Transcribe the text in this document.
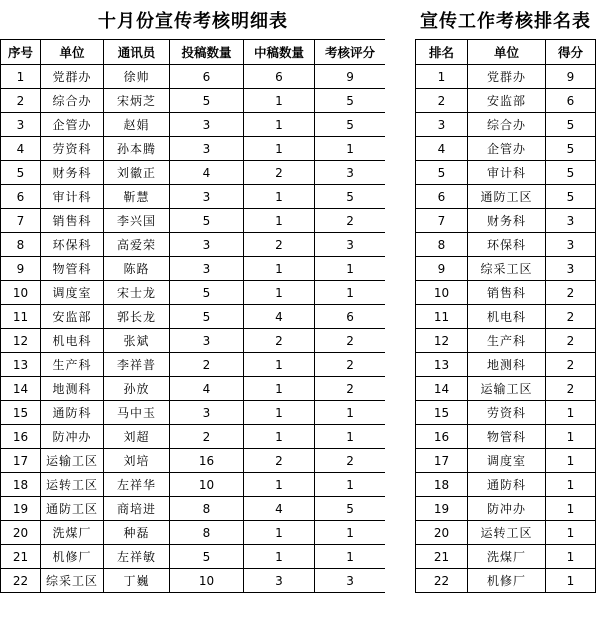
十月份宣传考核明细表					
序号	单位	通讯员	投稿数量	中稿数量	考核评分
1	党群办	徐帅	6	6	9
2	综合办	宋炳芝	5	1	5
3	企管办	赵娟	3	1	5
4	劳资科	孙本腾	3	1	1
5	财务科	刘徽正	4	2	3
6	审计科	靳慧	3	1	5
7	销售科	李兴国	5	1	2
8	环保科	高爱荣	3	2	3
9	物管科	陈路	3	1	1
10	调度室	宋士龙	5	1	1
11	安监部	郭长龙	5	4	6
12	机电科	张斌	3	2	2
13	生产科	李祥普	2	1	2
14	地测科	孙放	4	1	2
15	通防科	马中玉	3	1	1
16	防冲办	刘超	2	1	1
17	运输工区	刘培	16	2	2
18	运转工区	左祥华	10	1	1
19	通防工区	商培进	8	4	5
20	洗煤厂	种磊	8	1	1
21	机修厂	左祥敏	5	1	1
22	综采工区	丁巍	10	3	3
宣传工作考核排名表		
排名	单位	得分
1	党群办	9
2	安监部	6
3	综合办	5
4	企管办	5
5	审计科	5
6	通防工区	5
7	财务科	3
8	环保科	3
9	综采工区	3
10	销售科	2
11	机电科	2
12	生产科	2
13	地测科	2
14	运输工区	2
15	劳资科	1
16	物管科	1
17	调度室	1
18	通防科	1
19	防冲办	1
20	运转工区	1
21	洗煤厂	1
22	机修厂	1
